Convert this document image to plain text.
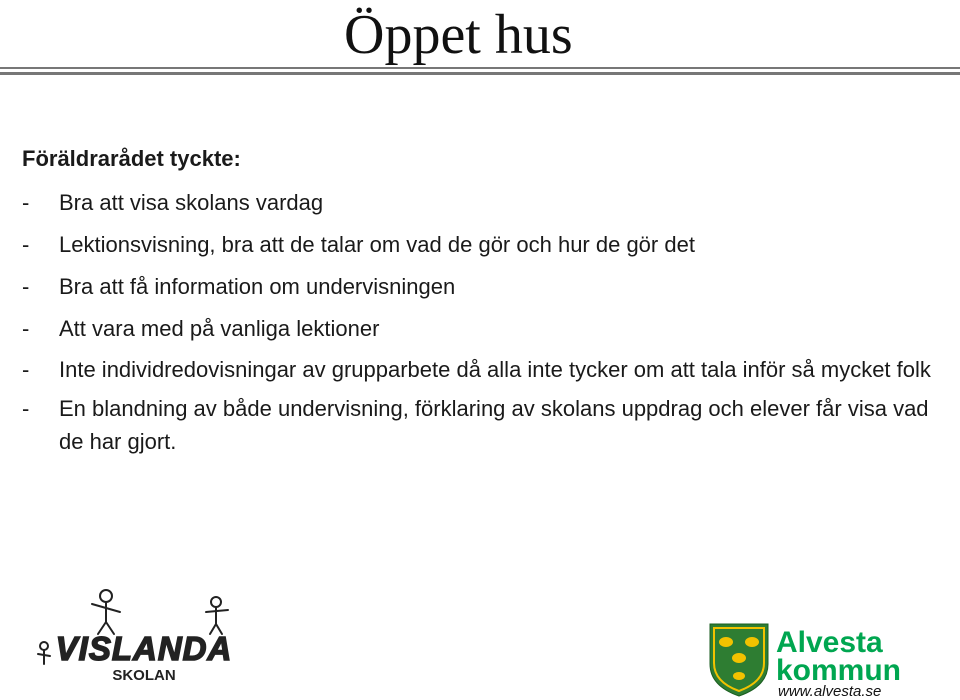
Öppet hus

Föräldrarådet tyckte:

- Bra att visa skolans vardag
- Lektionsvisning, bra att de talar om vad de gör och hur de gör det
- Bra att få information om undervisningen
- Att vara med på vanliga lektioner
- Inte individredovisningar av grupparbete då alla inte tycker om att tala inför så mycket folk
- En blandning av både undervisning, förklaring av skolans uppdrag och elever får visa vad de har gjort.
VISLANDA
SKOLAN
Alvesta
kommun
www.alvesta.se
